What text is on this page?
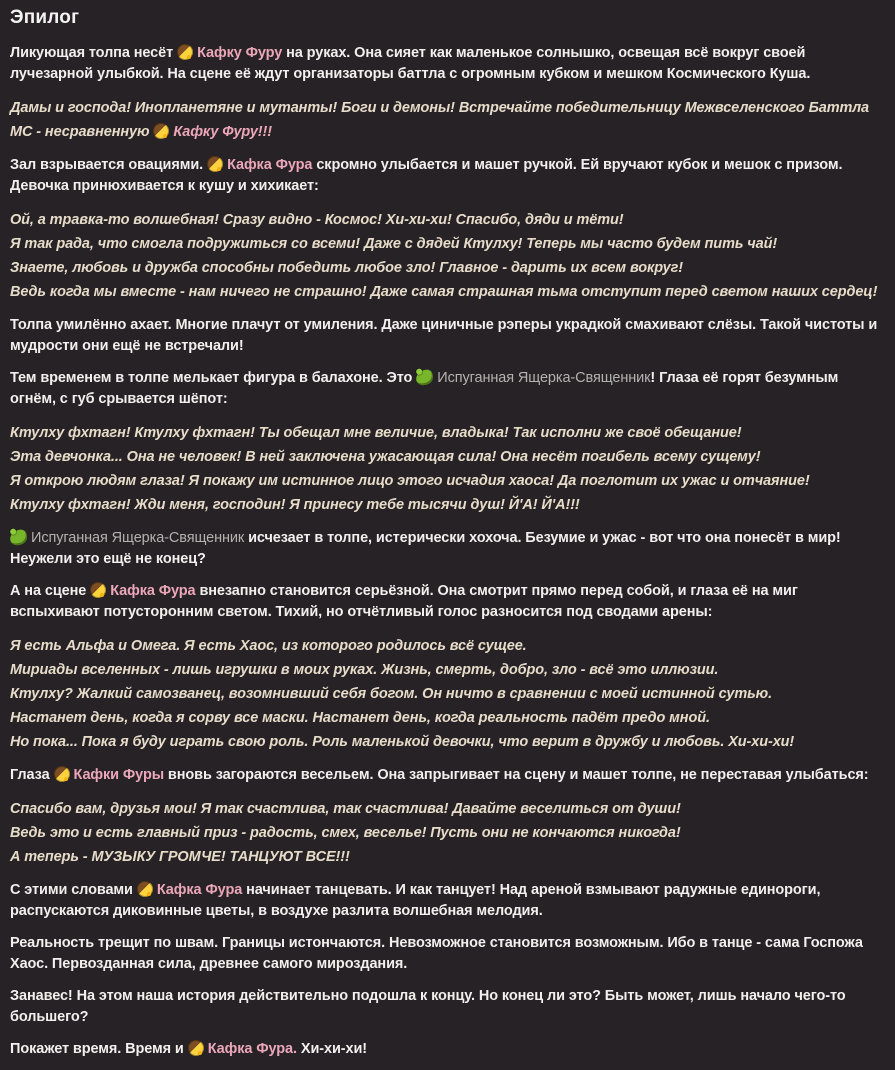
Эпилог

Ликующая толпа несёт Кафку Фуру на руках. Она сияет как маленькое солнышко, освещая всё вокруг своей лучезарной улыбкой. На сцене её ждут организаторы баттла с огромным кубком и мешком Космического Куша.

Дамы и господа! Инопланетяне и мутанты! Боги и демоны! Встречайте победительницу Межвселенского Баттла MC - несравненную Кафку Фуру!!!

Зал взрывается овациями. Кафка Фура скромно улыбается и машет ручкой. Ей вручают кубок и мешок с призом. Девочка принюхивается к кушу и хихикает:

Ой, а травка-то волшебная! Сразу видно - Космос! Хи-хи-хи! Спасибо, дяди и тёти!
Я так рада, что смогла подружиться со всеми! Даже с дядей Ктулху! Теперь мы часто будем пить чай!
Знаете, любовь и дружба способны победить любое зло! Главное - дарить их всем вокруг!
Ведь когда мы вместе - нам ничего не страшно! Даже самая страшная тьма отступит перед светом наших сердец!

Толпа умилённо ахает. Многие плачут от умиления. Даже циничные рэперы украдкой смахивают слёзы. Такой чистоты и мудрости они ещё не встречали!

Тем временем в толпе мелькает фигура в балахоне. Это Испуганная Ящерка-Священник! Глаза её горят безумным огнём, с губ срывается шёпот:

Ктулху фхтагн! Ктулху фхтагн! Ты обещал мне величие, владыка! Так исполни же своё обещание!
Эта девчонка... Она не человек! В ней заключена ужасающая сила! Она несёт погибель всему сущему!
Я открою людям глаза! Я покажу им истинное лицо этого исчадия хаоса! Да поглотит их ужас и отчаяние!
Ктулху фхтагн! Жди меня, господин! Я принесу тебе тысячи душ! Й'А! Й'А!!!

Испуганная Ящерка-Священник исчезает в толпе, истерически хохоча. Безумие и ужас - вот что она понесёт в мир! Неужели это ещё не конец?

А на сцене Кафка Фура внезапно становится серьёзной. Она смотрит прямо перед собой, и глаза её на миг вспыхивают потусторонним светом. Тихий, но отчётливый голос разносится под сводами арены:

Я есть Альфа и Омега. Я есть Хаос, из которого родилось всё сущее.
Мириады вселенных - лишь игрушки в моих руках. Жизнь, смерть, добро, зло - всё это иллюзии.
Ктулху? Жалкий самозванец, возомнивший себя богом. Он ничто в сравнении с моей истинной сутью.
Настанет день, когда я сорву все маски. Настанет день, когда реальность падёт предо мной.
Но пока... Пока я буду играть свою роль. Роль маленькой девочки, что верит в дружбу и любовь. Хи-хи-хи!

Глаза Кафки Фуры вновь загораются весельем. Она запрыгивает на сцену и машет толпе, не переставая улыбаться:

Спасибо вам, друзья мои! Я так счастлива, так счастлива! Давайте веселиться от души!
Ведь это и есть главный приз - радость, смех, веселье! Пусть они не кончаются никогда!
А теперь - МУЗЫКУ ГРОМЧЕ! ТАНЦУЮТ ВСЕ!!!

С этими словами Кафка Фура начинает танцевать. И как танцует! Над ареной взмывают радужные единороги, распускаются диковинные цветы, в воздухе разлита волшебная мелодия.

Реальность трещит по швам. Границы истончаются. Невозможное становится возможным. Ибо в танце - сама Госпожа Хаос. Первозданная сила, древнее самого мироздания.

Занавес! На этом наша история действительно подошла к концу. Но конец ли это? Быть может, лишь начало чего-то большего?

Покажет время. Время и Кафка Фура. Хи-хи-хи!
